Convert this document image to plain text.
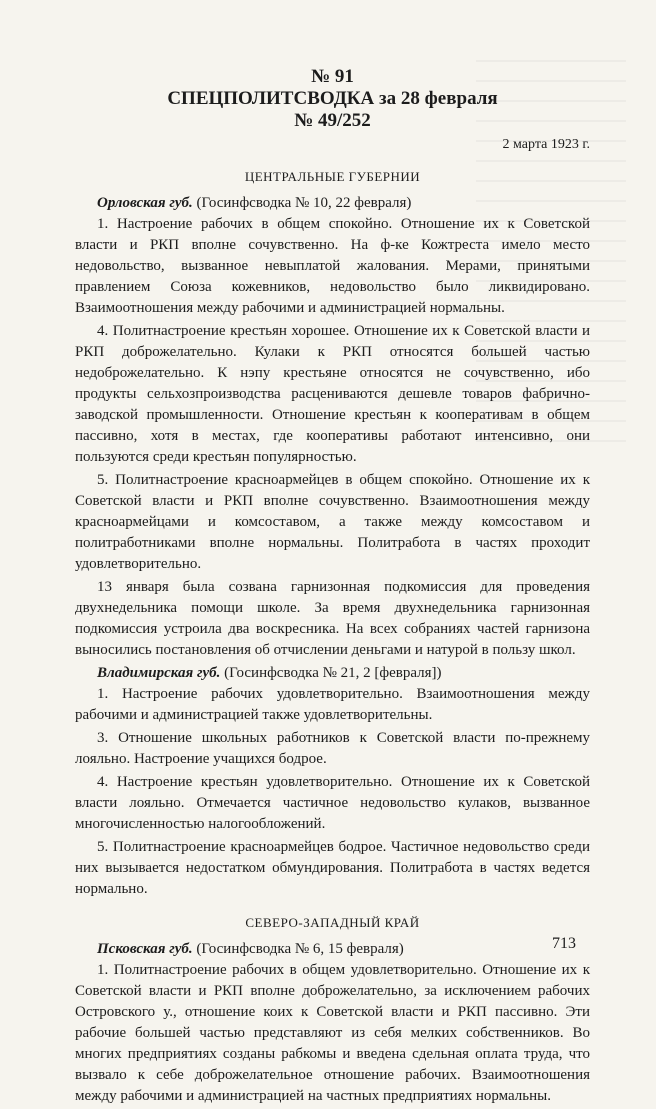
№ 91
СПЕЦПОЛИТСВОДКА за 28 февраля
№ 49/252
2 марта 1923 г.
ЦЕНТРАЛЬНЫЕ ГУБЕРНИИ
Орловская губ. (Госинфсводка № 10, 22 февраля)

1. Настроение рабочих в общем спокойно. Отношение их к Советской власти и РКП вполне сочувственно. На ф-ке Кожтреста имело место недовольство, вызванное невыплатой жалования. Мерами, принятыми правлением Союза кожевников, недовольство было ликвидировано. Взаимоотношения между рабочими и администрацией нормальны.

4. Политнастроение крестьян хорошее. Отношение их к Советской власти и РКП доброжелательно. Кулаки к РКП относятся большей частью недоброжелательно. К нэпу крестьяне относятся не сочувственно, ибо продукты сельхозпроизводства расцениваются дешевле товаров фабрично-заводской промышленности. Отношение крестьян к кооперативам в общем пассивно, хотя в местах, где кооперативы работают интенсивно, они пользуются среди крестьян популярностью.

5. Политнастроение красноармейцев в общем спокойно. Отношение их к Советской власти и РКП вполне сочувственно. Взаимоотношения между красноармейцами и комсоставом, а также между комсоставом и политработниками вполне нормальны. Политработа в частях проходит удовлетворительно.

13 января была созвана гарнизонная подкомиссия для проведения двухнедельника помощи школе. За время двухнедельника гарнизонная подкомиссия устроила два воскресника. На всех собраниях частей гарнизона выносились постановления об отчислении деньгами и натурой в пользу школ.

Владимирская губ. (Госинфсводка № 21, 2 [февраля])

1. Настроение рабочих удовлетворительно. Взаимоотношения между рабочими и администрацией также удовлетворительны.

3. Отношение школьных работников к Советской власти по-прежнему лояльно. Настроение учащихся бодрое.

4. Настроение крестьян удовлетворительно. Отношение их к Советской власти лояльно. Отмечается частичное недовольство кулаков, вызванное многочисленностью налогообложений.

5. Политнастроение красноармейцев бодрое. Частичное недовольство среди них вызывается недостатком обмундирования. Политработа в частях ведется нормально.

СЕВЕРО-ЗАПАДНЫЙ КРАЙ
Псковская губ. (Госинфсводка № 6, 15 февраля)

1. Политнастроение рабочих в общем удовлетворительно. Отношение их к Советской власти и РКП вполне доброжелательно, за исключением рабочих Островского у., отношение коих к Советской власти и РКП пассивно. Эти рабочие большей частью представляют из себя мелких собственников. Во многих предприятиях созданы рабкомы и введена сдельная оплата труда, что вызвало к себе доброжелательное отношение рабочих. Взаимоотношения между рабочими и администрацией на частных предприятиях нормальны.

713
